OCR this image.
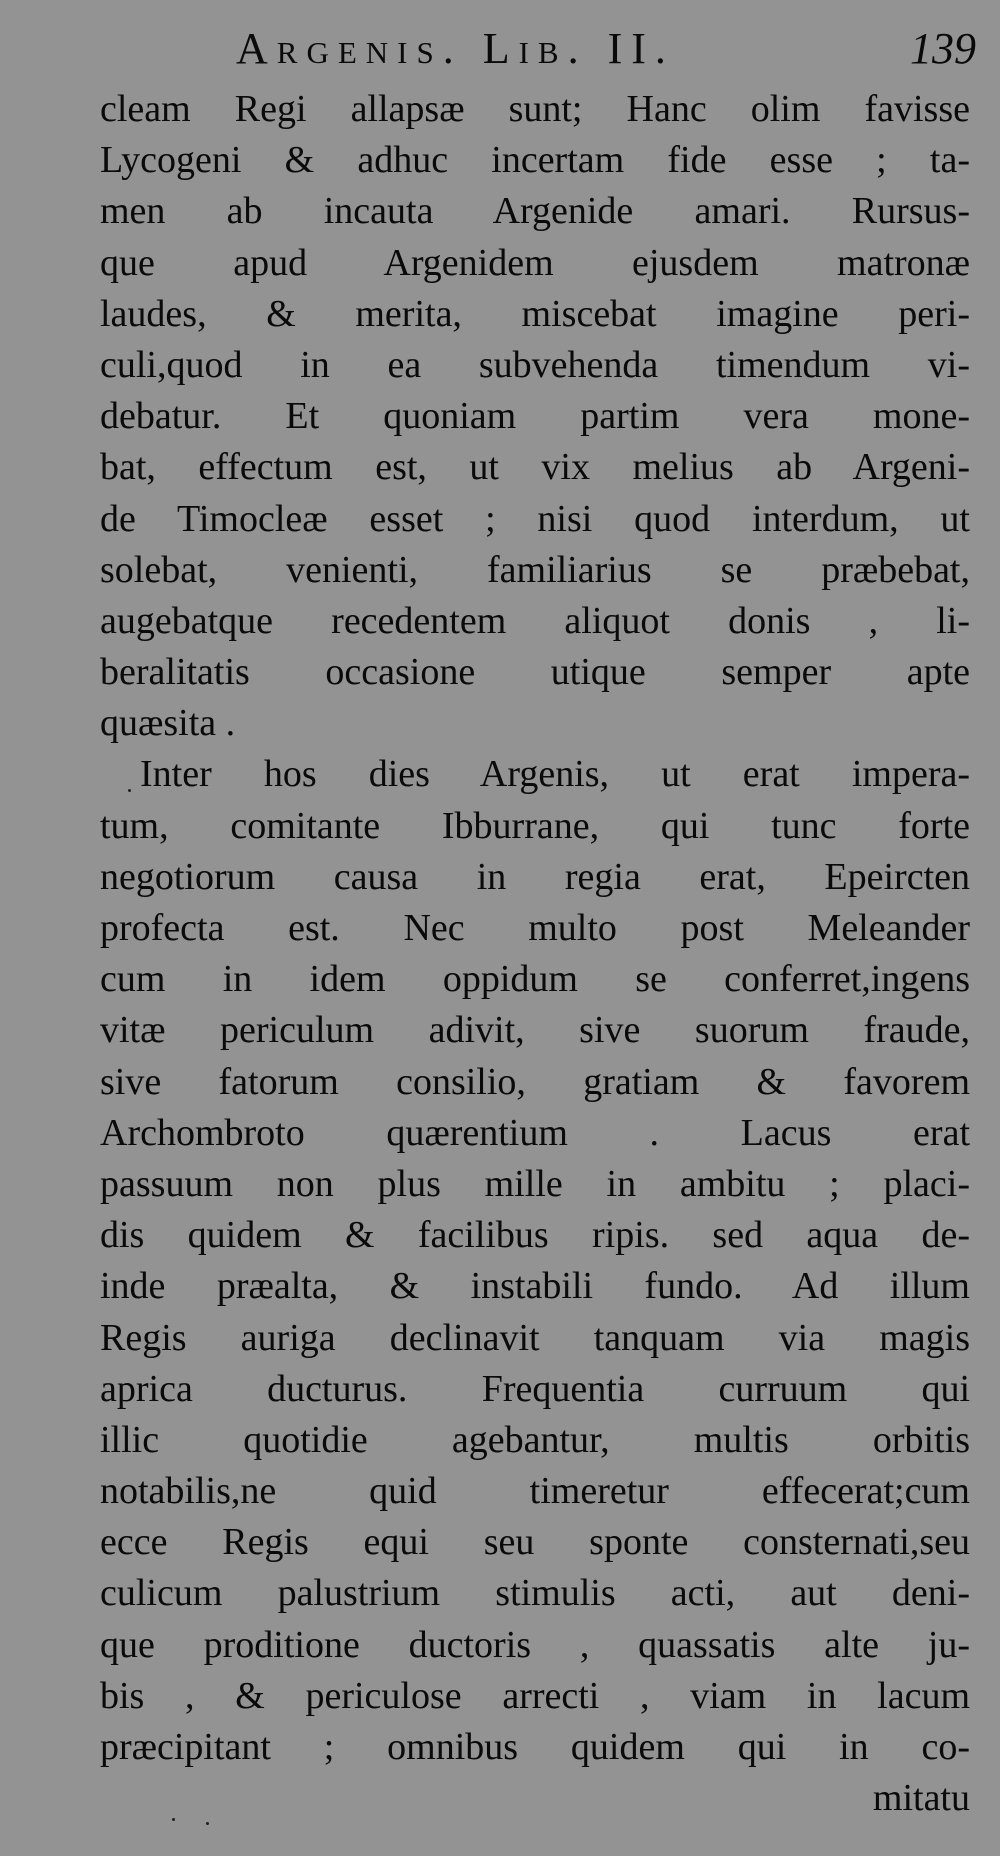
Argenis. Lib. II.	139
cleam Regi allapsæ sunt; Hanc olim favisse
Lycogeni & adhuc incertam fide esse ; ta-
men ab incauta Argenide amari. Rursus-
que apud Argenidem ejusdem matronæ
laudes, & merita, miscebat imagine peri-
culi,quod in ea subvehenda timendum vi-
debatur. Et quoniam partim vera mone-
bat, effectum est, ut vix melius ab Argeni-
de Timocleæ esset ; nisi quod interdum, ut
solebat, venienti, familiarius se præbebat,
augebatque recedentem aliquot donis , li-
beralitatis occasione utique semper apte
quæsita .
Inter hos dies Argenis, ut erat impera-
tum, comitante Ibburrane, qui tunc forte
negotiorum causa in regia erat, Epeircten
profecta est. Nec multo post Meleander
cum in idem oppidum se conferret,ingens
vitæ periculum adivit, sive suorum fraude,
sive fatorum consilio, gratiam & favorem
Archombroto quærentium . Lacus erat
passuum non plus mille in ambitu ; placi-
dis quidem & facilibus ripis. sed aqua de-
inde præalta, & instabili fundo. Ad illum
Regis auriga declinavit tanquam via magis
aprica ducturus. Frequentia curruum qui
illic quotidie agebantur, multis orbitis
notabilis,ne quid timeretur effecerat;cum
ecce Regis equi seu sponte consternati,seu
culicum palustrium stimulis acti, aut deni-
que proditione ductoris , quassatis alte ju-
bis , & periculose arrecti , viam in lacum
præcipitant ; omnibus quidem qui in co-
mitatu
